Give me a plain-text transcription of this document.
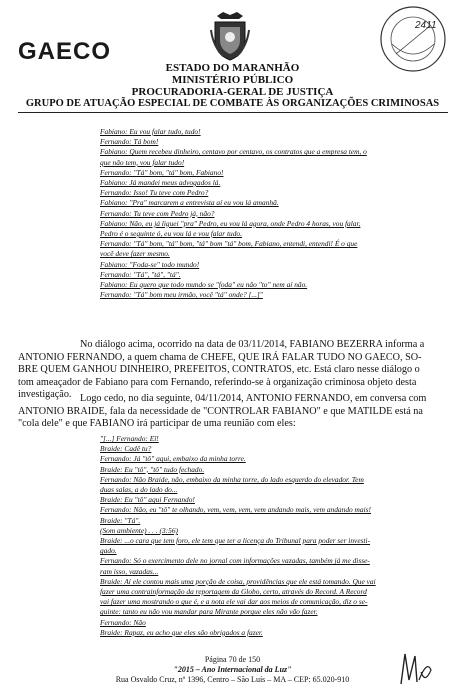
GAECO
2411
ESTADO DO MARANHÃO
MINISTÉRIO PÚBLICO
PROCURADORIA-GERAL DE JUSTIÇA
GRUPO DE ATUAÇÃO ESPECIAL DE COMBATE ÀS ORGANIZAÇÕES CRIMINOSAS
Fabiano: Eu vou falar tudo, tudo!
Fernando: Tá bom!
Fabiano: Quem recebeu dinheiro, centavo por centavo, os contratos que a empresa tem, o
que não tem, vou falar tudo!
Fernando: "Tá" bom, "tá" bom, Fabiano!
Fabiano: Já mandei meus advogados lá.
Fernando: Isso! Tu teve com Pedro?
Fabiano: "Pra" marcarem a entrevista aí eu vou lá amanhã.
Fernando: Tu teve com Pedro já, não?
Fabiano: Não, eu já liguei "pra" Pedro, eu vou lá agora, onde Pedro 4 horas, vou falar,
Pedro é o seguinte ó, eu vou lá e vou falar tudo.
Fernando: "Tá" bom, "tá" bom, "tá" bom "tá" bom, Fabiano, entendi, entendi! É o que
você deve fazer mesmo.
Fabiano: "Foda-se" todo mundo!
Fernando: "Tá", "tá", "tá".
Fabiano: Eu quero que todo mundo se "foda" eu não "to" nem aí não.
Fernando: "Tá" bom meu irmão, você "tá" onde? [...]"
No diálogo acima, ocorrido na data de 03/11/2014, FABIANO BEZERRA informa a
ANTONIO FERNANDO, a quem chama de CHEFE, QUE IRÁ FALAR TUDO NO GAECO, SO-
BRE QUEM GANHOU DINHEIRO, PREFEITOS, CONTRATOS, etc. Está claro nesse diálogo o
tom ameaçador de Fabiano para com Fernando, referindo-se à organização criminosa objeto desta
investigação. Logo cedo, no dia seguinte, 04/11/2014, ANTONIO FERNANDO, em conversa com
ANTONIO BRAIDE, fala da necessidade de "CONTROLAR FABIANO" e que MATILDE está na
"cola dele" e que FABIANO irá participar de uma reunião com eles:
"[...] Fernando: Eî!
Braide: Cadê tu?
Fernando: Já "tô" aqui, embaixo da minha torre.
Braide: Eu "tô", "tô" tudo fechado.
Fernando: Não Braide, não, embaixo da minha torre, do lado esquerdo do elevador. Tem
duas salas, a do lado do...
Braide: Eu "tô" aqui Fernando!
Fernando: Não, eu "tô" te olhando, vem, vem, vem, vem andando mais, vem andando mais!
Braide: "Tá".
(Som ambiente) . . . (3:56)
Braide: ...o cara que tem foro, ele tem que ter a licença do Tribunal para poder ser investi-
gado.
Fernando: Só o exercimento dele no jornal com informações vazadas, também já me disse-
ram isso, vazadas...
Braide: Aí ele contou mais uma porção de coisa, providências que ele está tomando. Que vai
fazer uma contrainformação da reportagem da Globo, certo, através do Record. A Record
vai fazer uma mostrando o que é, e a nota ele vai dar aos meios de comunicação, diz o se-
guinte: tanto eu não vou mandar para Mirante porque eles não vão fazer.
Fernando: Não
Braide: Rapaz, eu acho que eles são obrigados a fazer.
Página 70 de 150
"2015 – Ano Internacional da Luz"
Rua Osvaldo Cruz, nº 1396, Centro – São Luís – MA – CEP: 65.020-910
